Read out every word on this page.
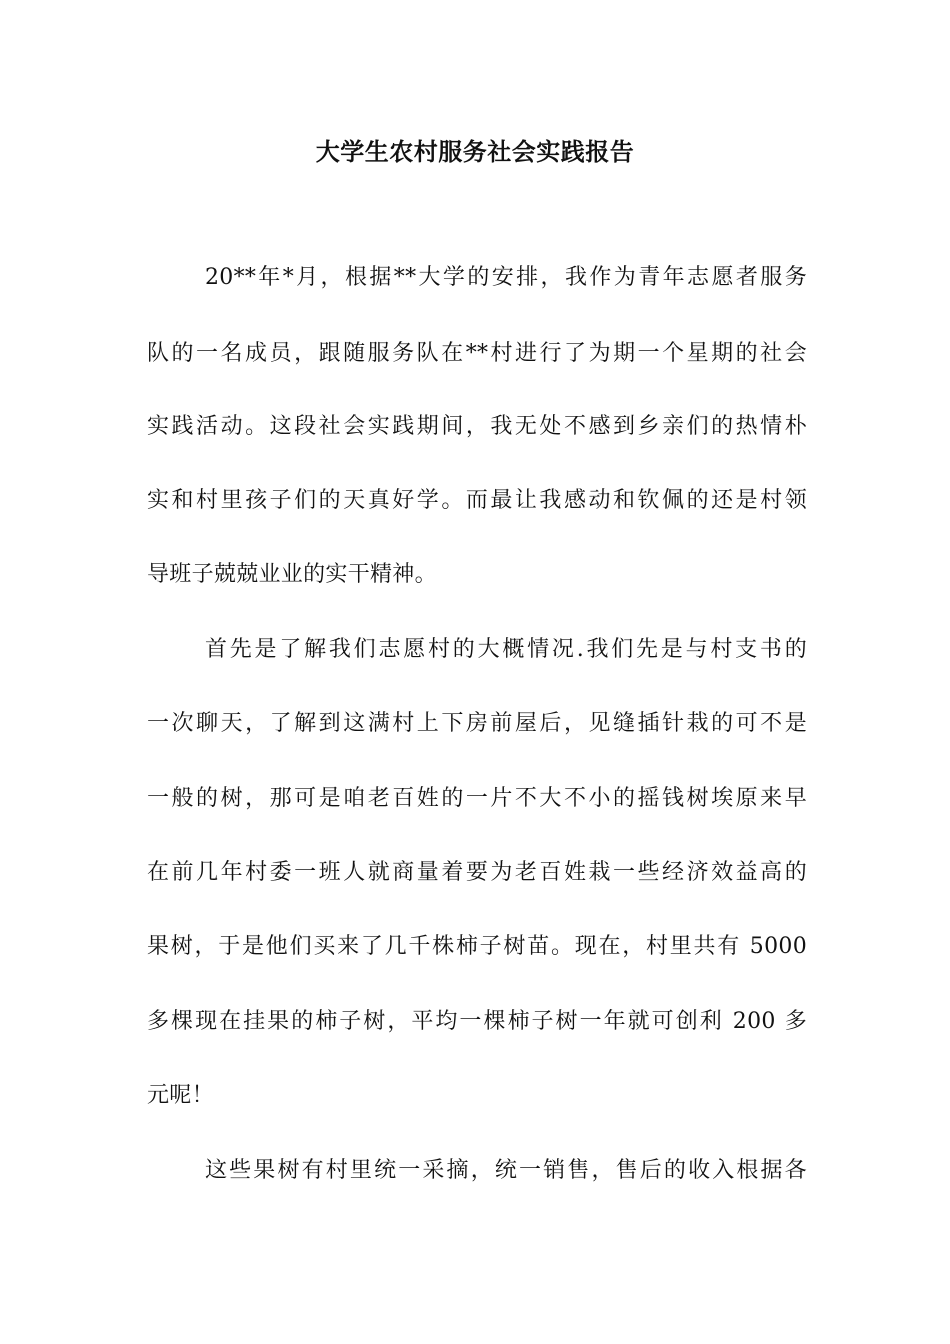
大学生农村服务社会实践报告
20**年*月，根据**大学的安排，我作为青年志愿者服务
队的一名成员，跟随服务队在**村进行了为期一个星期的社会
实践活动。这段社会实践期间，我无处不感到乡亲们的热情朴
实和村里孩子们的天真好学。而最让我感动和钦佩的还是村领
导班子兢兢业业的实干精神。
首先是了解我们志愿村的大概情况.我们先是与村支书的
一次聊天，了解到这满村上下房前屋后，见缝插针栽的可不是
一般的树，那可是咱老百姓的一片不大不小的摇钱树埃原来早
在前几年村委一班人就商量着要为老百姓栽一些经济效益高的
果树，于是他们买来了几千株柿子树苗。现在，村里共有 5000
多棵现在挂果的柿子树，平均一棵柿子树一年就可创利 200 多
元呢！
这些果树有村里统一采摘，统一销售，售后的收入根据各
